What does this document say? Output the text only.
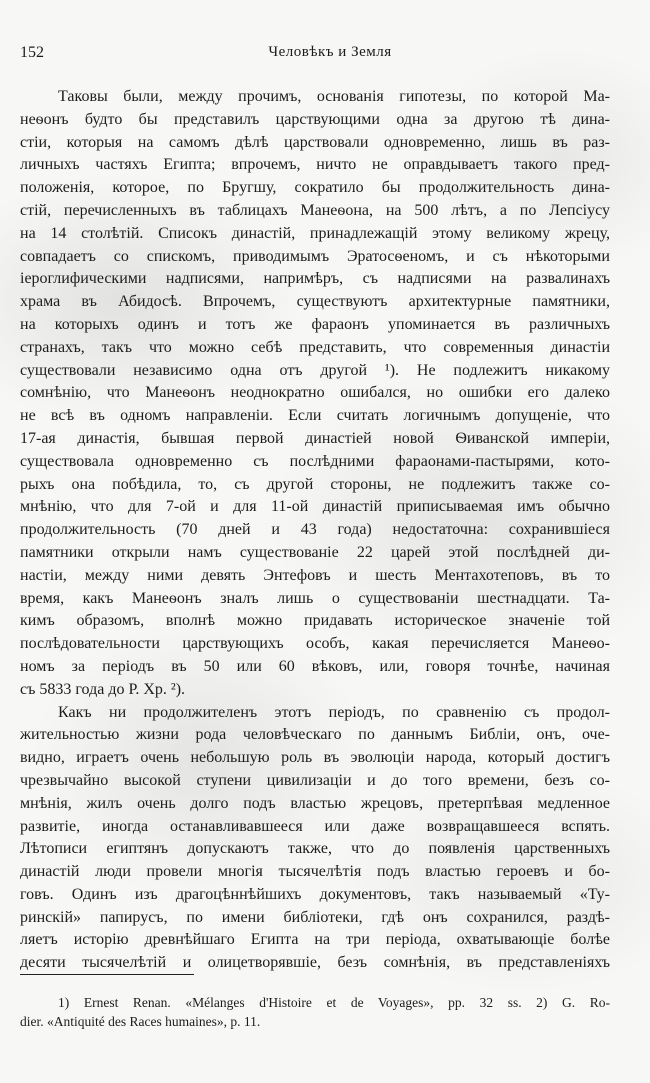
152	Человѣкъ и Земля
Таковы были, между прочимъ, основанія гипотезы, по которой Ма-
неѳонъ будто бы представилъ царствующими одна за другою тѣ дина-
стіи, которыя на самомъ дѣлѣ царствовали одновременно, лишь въ раз-
личныхъ частяхъ Египта; впрочемъ, ничто не оправдываетъ такого пред-
положенія, которое, по Бругшу, сократило бы продолжительность дина-
стій, перечисленныхъ въ таблицахъ Манеѳона, на 500 лѣтъ, а по Лепсіусу
на 14 столѣтій. Списокъ династій, принадлежащій этому великому жрецу,
совпадаетъ со спискомъ, приводимымъ Эратосѳеномъ, и съ нѣкоторыми
іероглифическими надписями, напримѣръ, съ надписями на развалинахъ
храма въ Абидосѣ. Впрочемъ, существуютъ архитектурные памятники,
на которыхъ одинъ и тотъ же фараонъ упоминается въ различныхъ
странахъ, такъ что можно себѣ представить, что современныя династіи
существовали независимо одна отъ другой ¹). Не подлежитъ никакому
сомнѣнію, что Манеѳонъ неоднократно ошибался, но ошибки его далеко
не всѣ въ одномъ направленіи. Если считать логичнымъ допущеніе, что
17-ая династія, бывшая первой династіей новой Ѳиванской имперіи,
существовала одновременно съ послѣдними фараонами-пастырями, кото-
рыхъ она побѣдила, то, съ другой стороны, не подлежитъ также со-
мнѣнію, что для 7-ой и для 11-ой династій приписываемая имъ обычно
продолжительность (70 дней и 43 года) недостаточна: сохранившіеся
памятники открыли намъ существованіе 22 царей этой послѣдней ди-
настіи, между ними девять Энтефовъ и шесть Ментахотеповъ, въ то
время, какъ Манеѳонъ зналъ лишь о существованіи шестнадцати. Та-
кимъ образомъ, вполнѣ можно придавать историческое значеніе той
послѣдовательности царствующихъ особъ, какая перечисляется Манеѳо-
номъ за періодъ въ 50 или 60 вѣковъ, или, говоря точнѣе, начиная
съ 5833 года до Р. Хр. ²).
Какъ ни продолжителенъ этотъ періодъ, по сравненію съ продол-
жительностью жизни рода человѣческаго по даннымъ Библіи, онъ, оче-
видно, играетъ очень небольшую роль въ эволюціи народа, который достигъ
чрезвычайно высокой ступени цивилизаціи и до того времени, безъ со-
мнѣнія, жилъ очень долго подъ властью жрецовъ, претерпѣвая медленное
развитіе, иногда останавливавшееся или даже возвращавшееся вспять.
Лѣтописи египтянъ допускаютъ также, что до появленія царственныхъ
династій люди провели многія тысячелѣтія подъ властью героевъ и бо-
говъ. Одинъ изъ драгоцѣннѣйшихъ документовъ, такъ называемый «Ту-
ринскій» папирусъ, по имени библіотеки, гдѣ онъ сохранился, раздѣ-
ляетъ исторію древнѣйшаго Египта на три періода, охватывающіе болѣе
десяти тысячелѣтій и олицетворявшіе, безъ сомнѣнія, въ представленіяхъ
1) Ernest Renan. «Mélanges d'Histoire et de Voyages», pp. 32 ss. 2) G. Ro-
dier. «Antiquité des Races humaines», p. 11.
